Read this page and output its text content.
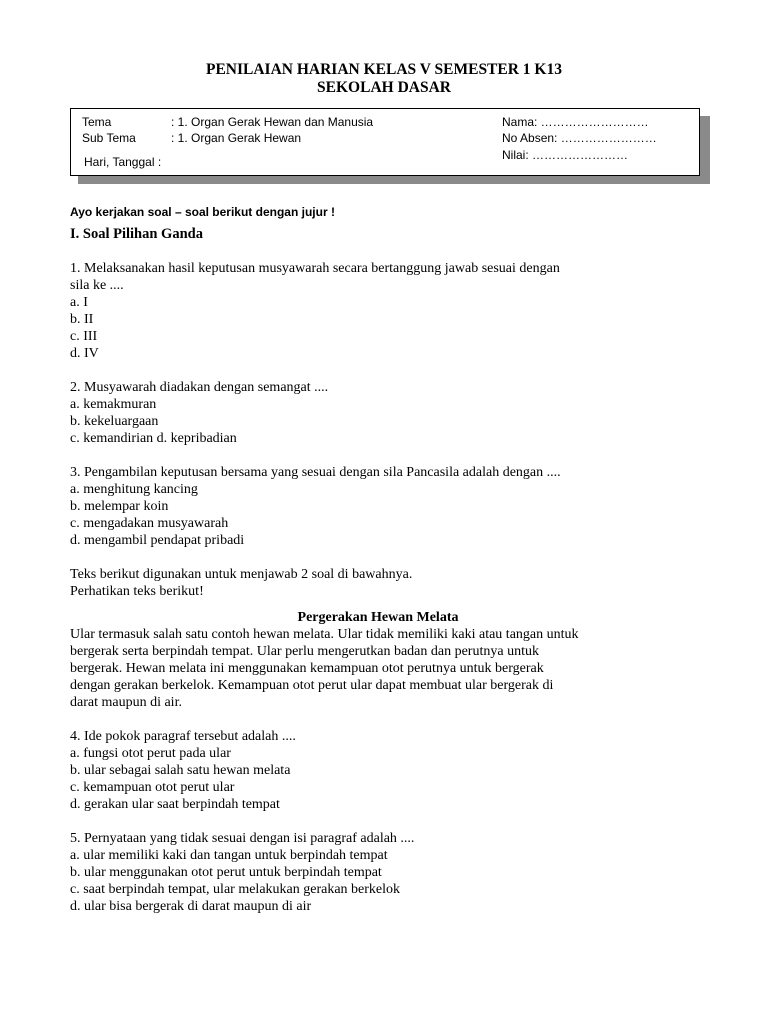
PENILAIAN HARIAN KELAS V SEMESTER 1 K13
SEKOLAH DASAR
Tema	: 1. Organ Gerak Hewan dan Manusia
Sub Tema	: 1. Organ Gerak Hewan
Hari, Tanggal :
Nama: ………………………
No Absen: ……………………
Nilai: ……………………
Ayo kerjakan soal – soal berikut dengan jujur !
I. Soal Pilihan Ganda
1. Melaksanakan hasil keputusan musyawarah secara bertanggung jawab sesuai dengan
sila ke ....
a. I
b. II
c. III
d. IV
2. Musyawarah diadakan dengan semangat ....
a. kemakmuran
b. kekeluargaan
c. kemandirian d. kepribadian
3. Pengambilan keputusan bersama yang sesuai dengan sila Pancasila adalah dengan ....
a. menghitung kancing
b. melempar koin
c. mengadakan musyawarah
d. mengambil pendapat pribadi
Teks berikut digunakan untuk menjawab 2 soal di bawahnya.
Perhatikan teks berikut!
Pergerakan Hewan Melata
Ular termasuk salah satu contoh hewan melata. Ular tidak memiliki kaki atau tangan untuk
bergerak serta berpindah tempat. Ular perlu mengerutkan badan dan perutnya untuk
bergerak. Hewan melata ini menggunakan kemampuan otot perutnya untuk bergerak
dengan gerakan berkelok. Kemampuan otot perut ular dapat membuat ular bergerak di
darat maupun di air.
4. Ide pokok paragraf tersebut adalah ....
a. fungsi otot perut pada ular
b. ular sebagai salah satu hewan melata
c. kemampuan otot perut ular
d. gerakan ular saat berpindah tempat
5. Pernyataan yang tidak sesuai dengan isi paragraf adalah ....
a. ular memiliki kaki dan tangan untuk berpindah tempat
b. ular menggunakan otot perut untuk berpindah tempat
c. saat berpindah tempat, ular melakukan gerakan berkelok
d. ular bisa bergerak di darat maupun di air
